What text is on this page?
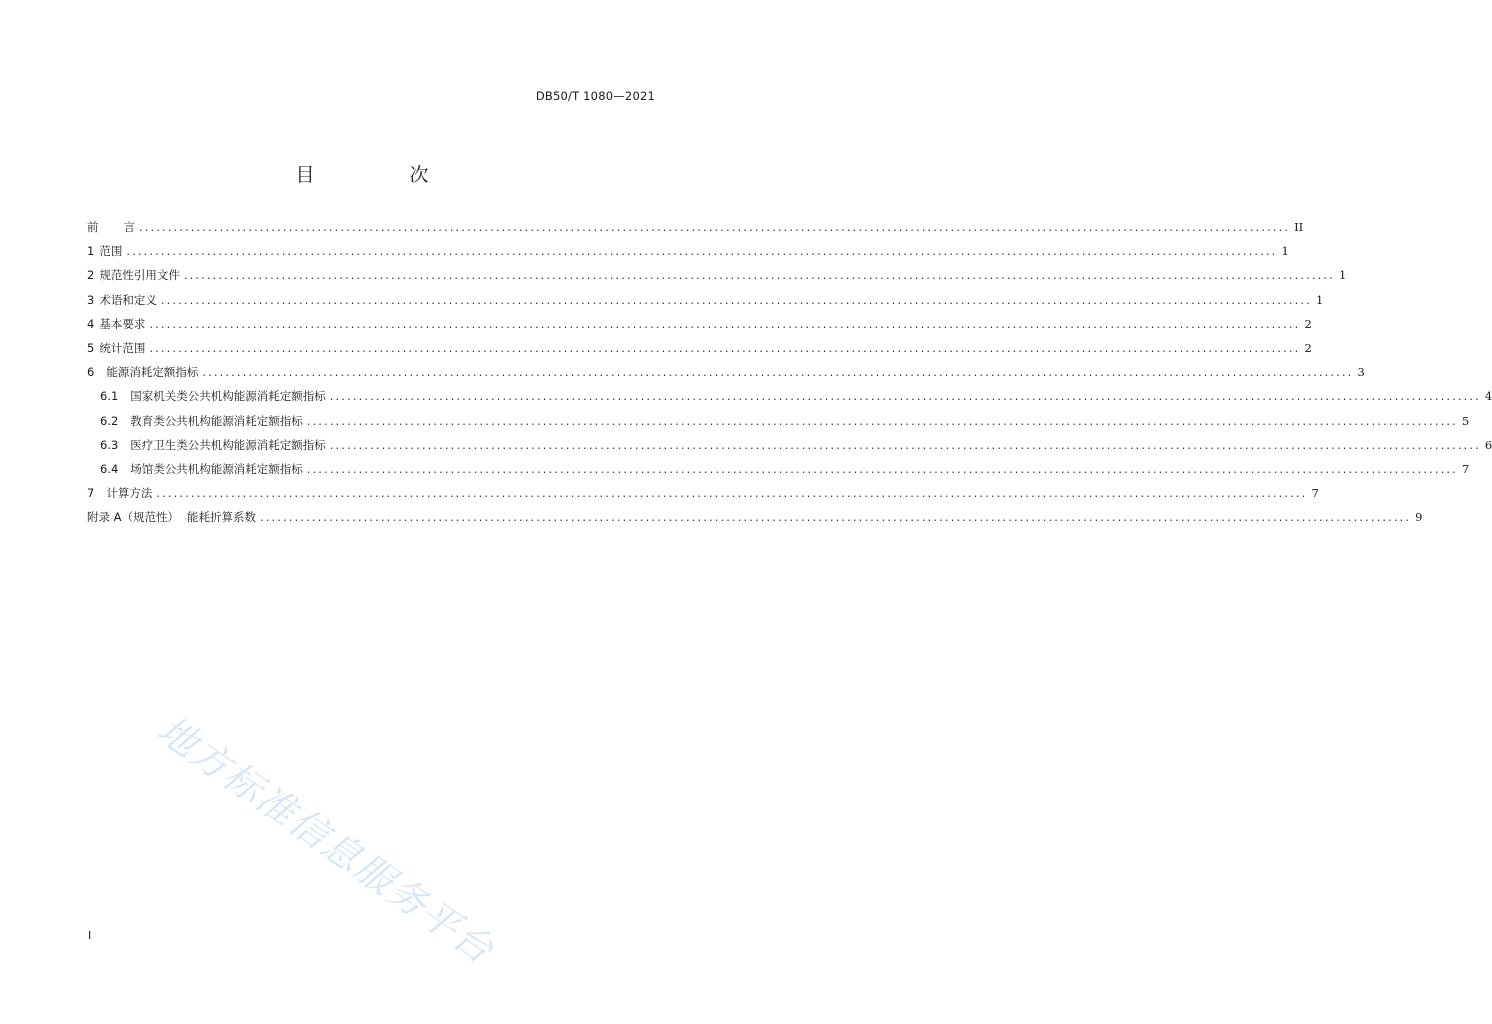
DB50/T 1080—2021
目　次
前 言 ........................................................................................................................................................................................................ II
1 范围 ........................................................................................................................................................................................................ 1
2 规范性引用文件 ........................................................................................................................................................................................................ 1
3 术语和定义 ........................................................................................................................................................................................................ 1
4 基本要求 ........................................................................................................................................................................................................ 2
5 统计范围 ........................................................................................................................................................................................................ 2
6 能源消耗定额指标 ........................................................................................................................................................................................................ 3
6.1 国家机关类公共机构能源消耗定额指标 ........................................................................................................................................................................................................ 4
6.2 教育类公共机构能源消耗定额指标 ........................................................................................................................................................................................................ 5
6.3 医疗卫生类公共机构能源消耗定额指标 ........................................................................................................................................................................................................ 6
6.4 场馆类公共机构能源消耗定额指标 ........................................................................................................................................................................................................ 7
7 计算方法 ........................................................................................................................................................................................................ 7
附录 A（规范性） 能耗折算系数 ........................................................................................................................................................................................................ 9
地方标准信息服务平台
I
